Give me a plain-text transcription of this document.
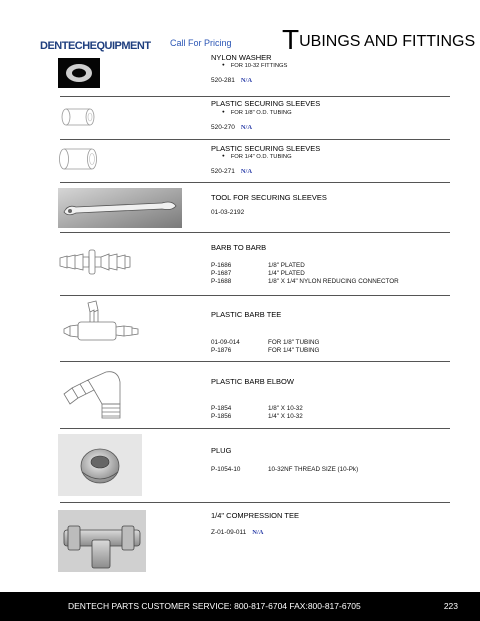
DENTECHEQUIPMENT Call For Pricing TUBINGS AND FITTINGS
NYLON WASHER
● FOR 10-32 FITTINGS
520-281 N/A
PLASTIC SECURING SLEEVES
● FOR 1/8" O.D. TUBING
520-270 N/A
PLASTIC SECURING SLEEVES
● FOR 1/4" O.D. TUBING
520-271 N/A
TOOL FOR SECURING SLEEVES
01-03-2192
BARB TO BARB
P-1686	1/8" PLATED
P-1687	1/4" PLATED
P-1688	1/8" X 1/4" NYLON REDUCING CONNECTOR
PLASTIC BARB TEE
01-09-014	FOR 1/8" TUBING
P-1876	FOR 1/4" TUBING
PLASTIC BARB ELBOW
P-1854	1/8" X 10-32
P-1856	1/4" X 10-32
PLUG
P-1054-10	10-32NF THREAD SIZE (10-Pk)
1/4" COMPRESSION TEE
Z-01-09-011 N/A
DENTECH PARTS CUSTOMER SERVICE: 800-817-6704 FAX:800-817-6705	223
